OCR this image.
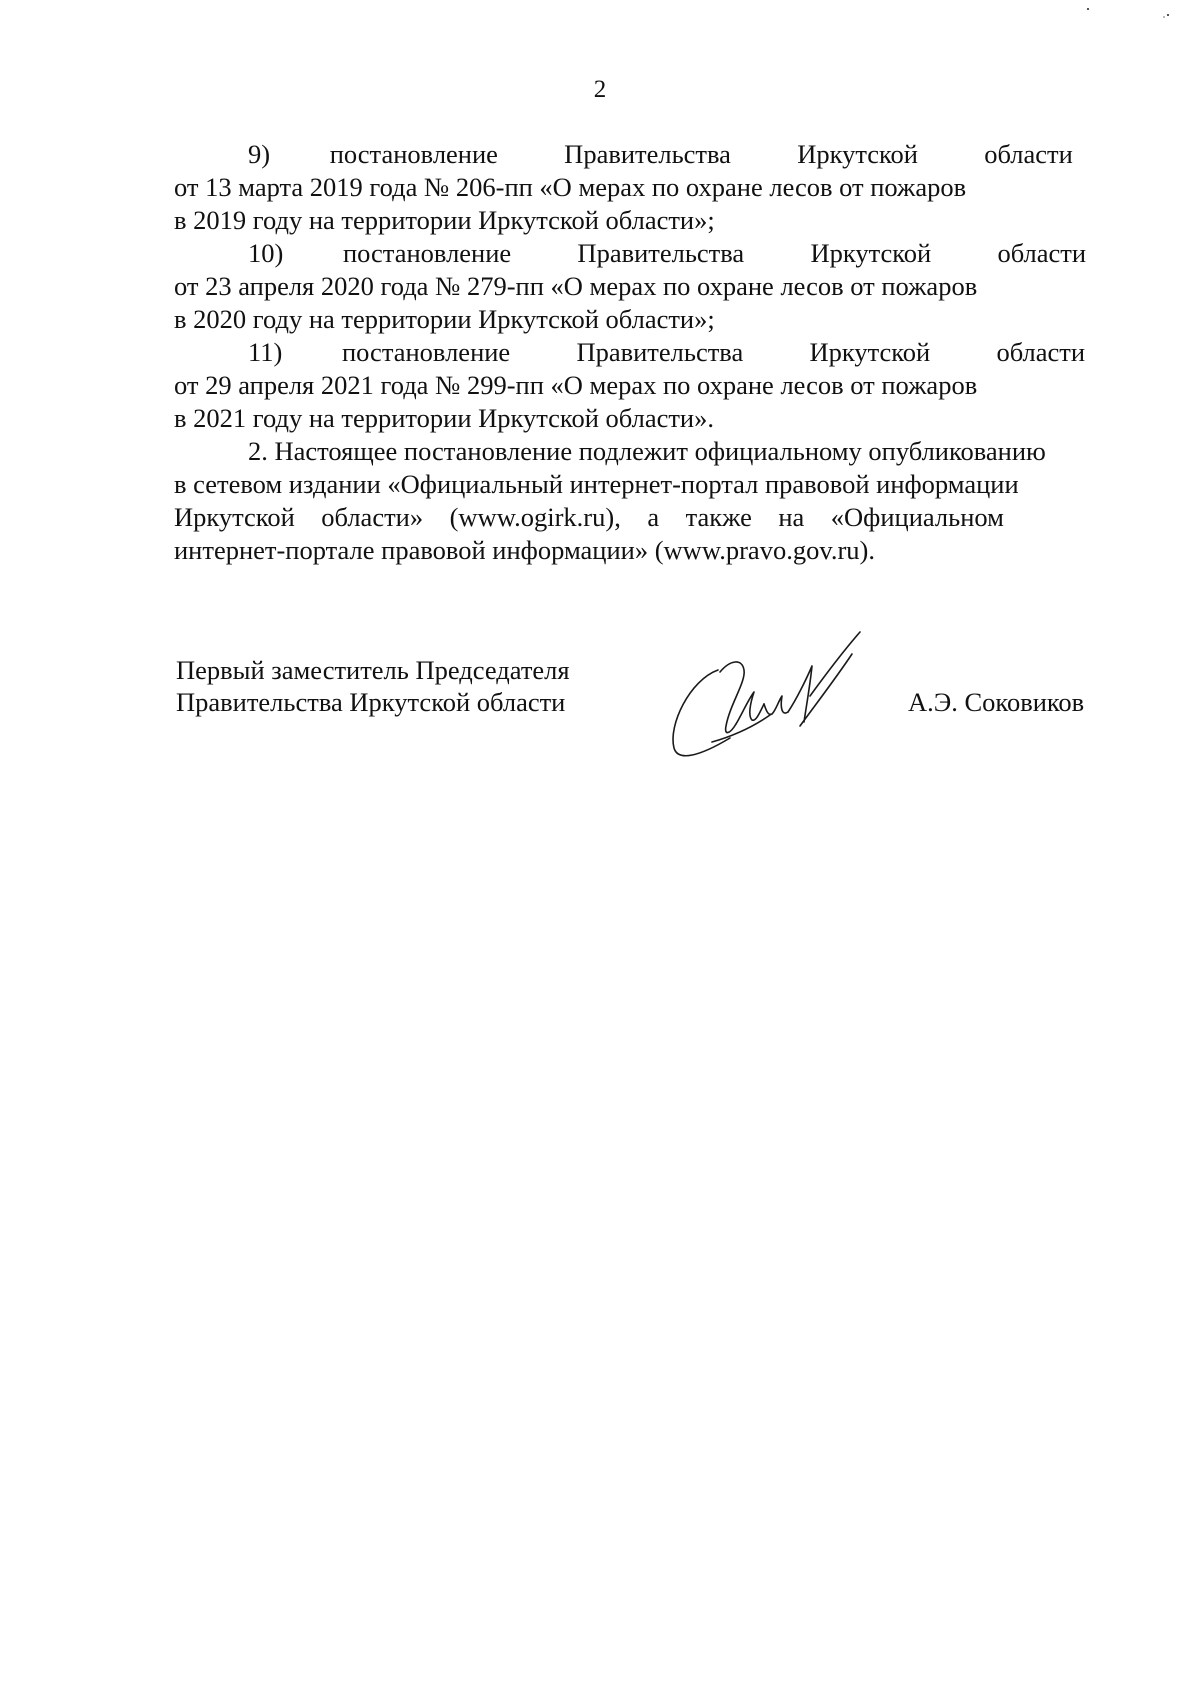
2
9)         постановление          Правительства          Иркутской          области
от 13 марта 2019 года № 206-пп «О мерах по охране лесов от пожаров
в 2019 году на территории Иркутской области»;
10)         постановление          Правительства          Иркутской          области
от 23 апреля 2020 года № 279-пп «О мерах по охране лесов от пожаров
в 2020 году на территории Иркутской области»;
11)         постановление          Правительства          Иркутской          области
от 29 апреля 2021 года № 299-пп «О мерах по охране лесов от пожаров
в 2021 году на территории Иркутской области».
2. Настоящее постановление подлежит официальному опубликованию
в сетевом издании «Официальный интернет-портал правовой информации
Иркутской    области»    (www.ogirk.ru),    а    также    на    «Официальном
интернет-портале правовой информации» (www.pravo.gov.ru).
Первый заместитель Председателя
Правительства Иркутской области	А.Э. Соковиков
